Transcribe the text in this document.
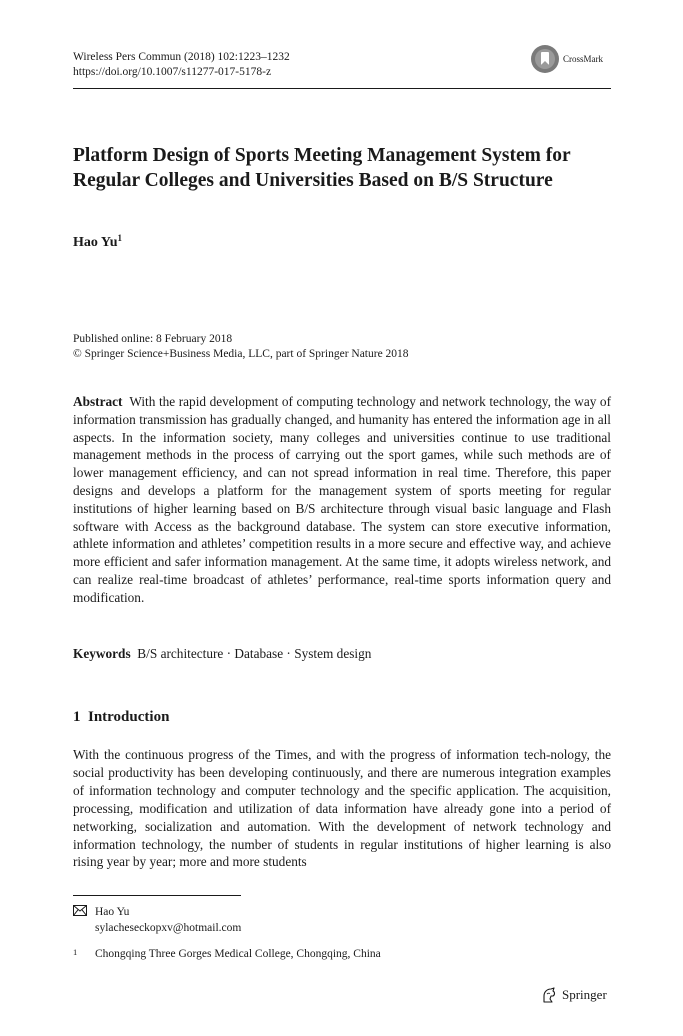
Wireless Pers Commun (2018) 102:1223–1232
https://doi.org/10.1007/s11277-017-5178-z
CrossMark
Platform Design of Sports Meeting Management System for Regular Colleges and Universities Based on B/S Structure
Hao Yu$^1$
Published online: 8 February 2018
© Springer Science+Business Media, LLC, part of Springer Nature 2018
Abstract With the rapid development of computing technology and network technology, the way of information transmission has gradually changed, and humanity has entered the information age in all aspects. In the information society, many colleges and universities continue to use traditional management methods in the process of carrying out the sport games, while such methods are of lower management efficiency, and can not spread information in real time. Therefore, this paper designs and develops a platform for the management system of sports meeting for regular institutions of higher learning based on B/S architecture through visual basic language and Flash software with Access as the background database. The system can store executive information, athlete information and athletes’ competition results in a more secure and effective way, and achieve more efficient and safer information management. At the same time, it adopts wireless network, and can realize real-time broadcast of athletes’ performance, real-time sports information query and modification.
Keywords B/S architecture · Database · System design
1  Introduction
With the continuous progress of the Times, and with the progress of information tech-nology, the social productivity has been developing continuously, and there are numerous integration examples of information technology and computer technology and the specific application. The acquisition, processing, modification and utilization of data information have already gone into a period of networking, socialization and automation. With the development of network technology and information technology, the number of students in regular institutions of higher learning is also rising year by year; more and more students
Hao Yu
sylacheseckopxv@hotmail.com
1	Chongqing Three Gorges Medical College, Chongqing, China
Springer
